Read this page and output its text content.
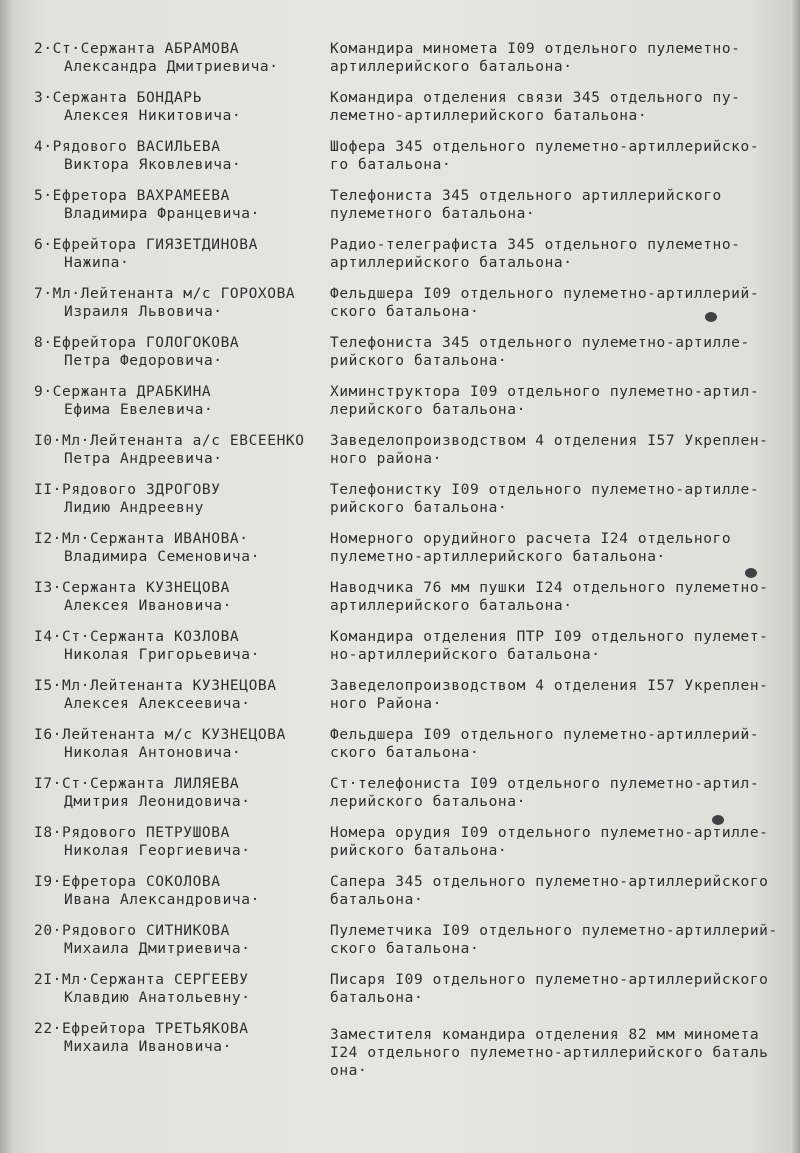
2·Ст·Сержанта АБРАМОВА
Александра Дмитриевича·
Командира миномета I09 отдельного пулеметно-
артиллерийского батальона·
3·Сержанта БОНДАРЬ
Алексея Никитовича·
Командира отделения связи 345 отдельного пу-
леметно-артиллерийского батальона·
4·Рядового ВАСИЛЬЕВА
Виктора Яковлевича·
Шофера 345 отдельного пулеметно-артиллерийско-
го батальона·
5·Ефретора ВАХРАМЕЕВА
Владимира Францевича·
Телефониста 345 отдельного артиллерийского
пулеметного батальона·
6·Ефрейтора ГИЯЗЕТДИНОВА
Нажипа·
Радио-телеграфиста 345 отдельного пулеметно-
артиллерийского батальона·
7·Мл·Лейтенанта м/с ГОРОХОВА
Израиля Львовича·
Фельдшера I09 отдельного пулеметно-артиллерий-
ского батальона·
8·Ефрейтора ГОЛОГОКОВА
Петра Федоровича·
Телефониста 345 отдельного пулеметно-артилле-
рийского батальона·
9·Сержанта ДРАБКИНА
Ефима Евелевича·
Химинструктора I09 отдельного пулеметно-артил-
лерийского батальона·
I0·Мл·Лейтенанта а/с ЕВСЕЕНКО
Петра Андреевича·
Заведелопроизводством 4 отделения I57 Укреплен-
ного района·
II·Рядового ЗДРОГОВУ
Лидию Андреевну
Телефонистку I09 отдельного пулеметно-артилле-
рийского батальона·
I2·Мл·Сержанта ИВАНОВА·
Владимира Семеновича·
Номерного орудийного расчета I24 отдельного
пулеметно-артиллерийского батальона·
I3·Сержанта КУЗНЕЦОВА
Алексея Ивановича·
Наводчика 76 мм пушки I24 отдельного пулеметно-
артиллерийского батальона·
I4·Ст·Сержанта КОЗЛОВА
Николая Григорьевича·
Командира отделения ПТР I09 отдельного пулемет-
но-артиллерийского батальона·
I5·Мл·Лейтенанта КУЗНЕЦОВА
Алексея Алексеевича·
Заведелопроизводством 4 отделения I57 Укреплен-
ного Района·
I6·Лейтенанта м/с КУЗНЕЦОВА
Николая Антоновича·
Фельдшера I09 отдельного пулеметно-артиллерий-
ского батальона·
I7·Ст·Сержанта ЛИЛЯЕВА
Дмитрия Леонидовича·
Ст·телефониста I09 отдельного пулеметно-артил-
лерийского батальона·
I8·Рядового ПЕТРУШОВА
Николая Георгиевича·
Номера орудия I09 отдельного пулеметно-артилле-
рийского батальона·
I9·Ефретора СОКОЛОВА
Ивана Александровича·
Сапера 345 отдельного пулеметно-артиллерийского
батальона·
20·Рядового СИТНИКОВА
Михаила Дмитриевича·
Пулеметчика I09 отдельного пулеметно-артиллерий-
ского батальона·
2I·Мл·Сержанта СЕРГЕЕВУ
Клавдию Анатольевну·
Писаря I09 отдельного пулеметно-артиллерийского
батальона·
22·Ефрейтора ТРЕТЬЯКОВА
Михаила Ивановича·
Заместителя командира отделения 82 мм миномета
I24 отдельного пулеметно-артиллерийского баталь
она·
